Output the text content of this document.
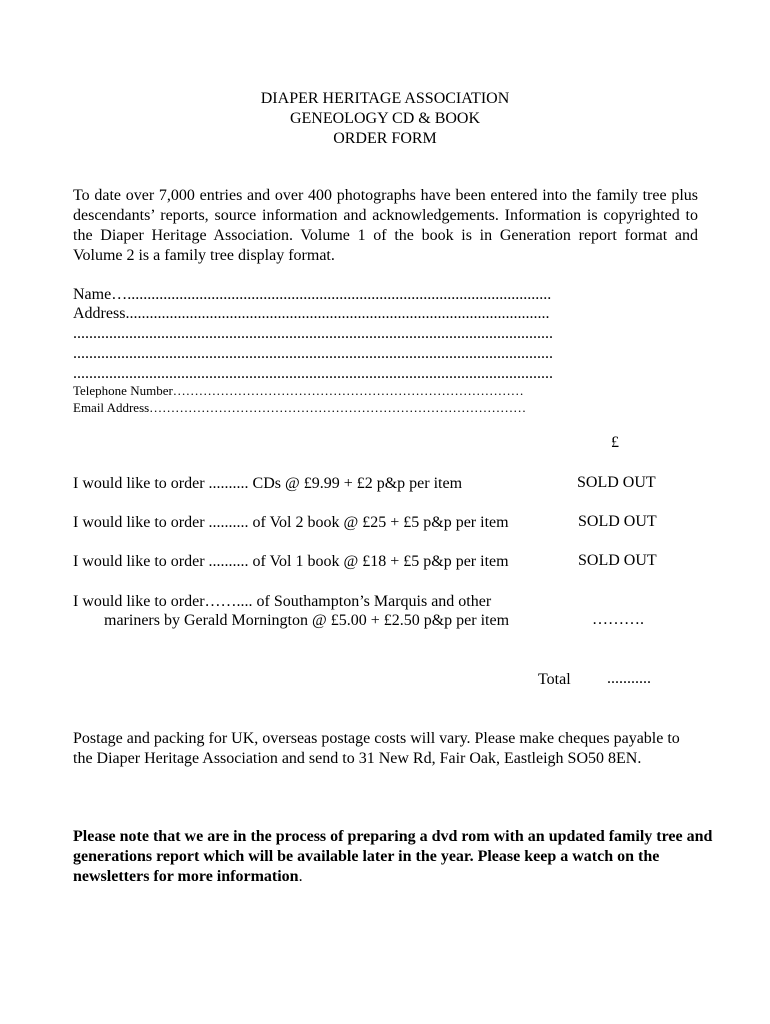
DIAPER HERITAGE ASSOCIATION
GENEOLOGY CD & BOOK
ORDER FORM
To date over 7,000 entries and over 400 photographs have been entered into the family tree plus descendants’ reports, source information and acknowledgements. Information is copyrighted to the Diaper Heritage Association. Volume 1 of the book is in Generation report format and Volume 2 is a family tree display format.
Name…..........................................................................................................
Address..........................................................................................................
........................................................................................................................
........................................................................................................................
........................................................................................................................
Telephone Number………………………………………………………………………
Email Address……………………………………………………………………………
£
I would like to order .......... CDs @ £9.99 + £2 p&p per item	SOLD OUT
I would like to order .......... of Vol 2 book @ £25 + £5 p&p per item	SOLD OUT
I would like to order .......... of Vol 1 book @ £18 + £5 p&p per item	SOLD OUT
I would like to order…….... of Southampton’s Marquis and other
mariners by Gerald Mornington @ £5.00 + £2.50 p&p per item	……….
Total ...........
Postage and packing for UK, overseas postage costs will vary. Please make cheques payable to the Diaper Heritage Association and send to 31 New Rd, Fair Oak, Eastleigh SO50 8EN.
Please note that we are in the process of preparing a dvd rom with an updated family tree and generations report which will be available later in the year. Please keep a watch on the newsletters for more information.
